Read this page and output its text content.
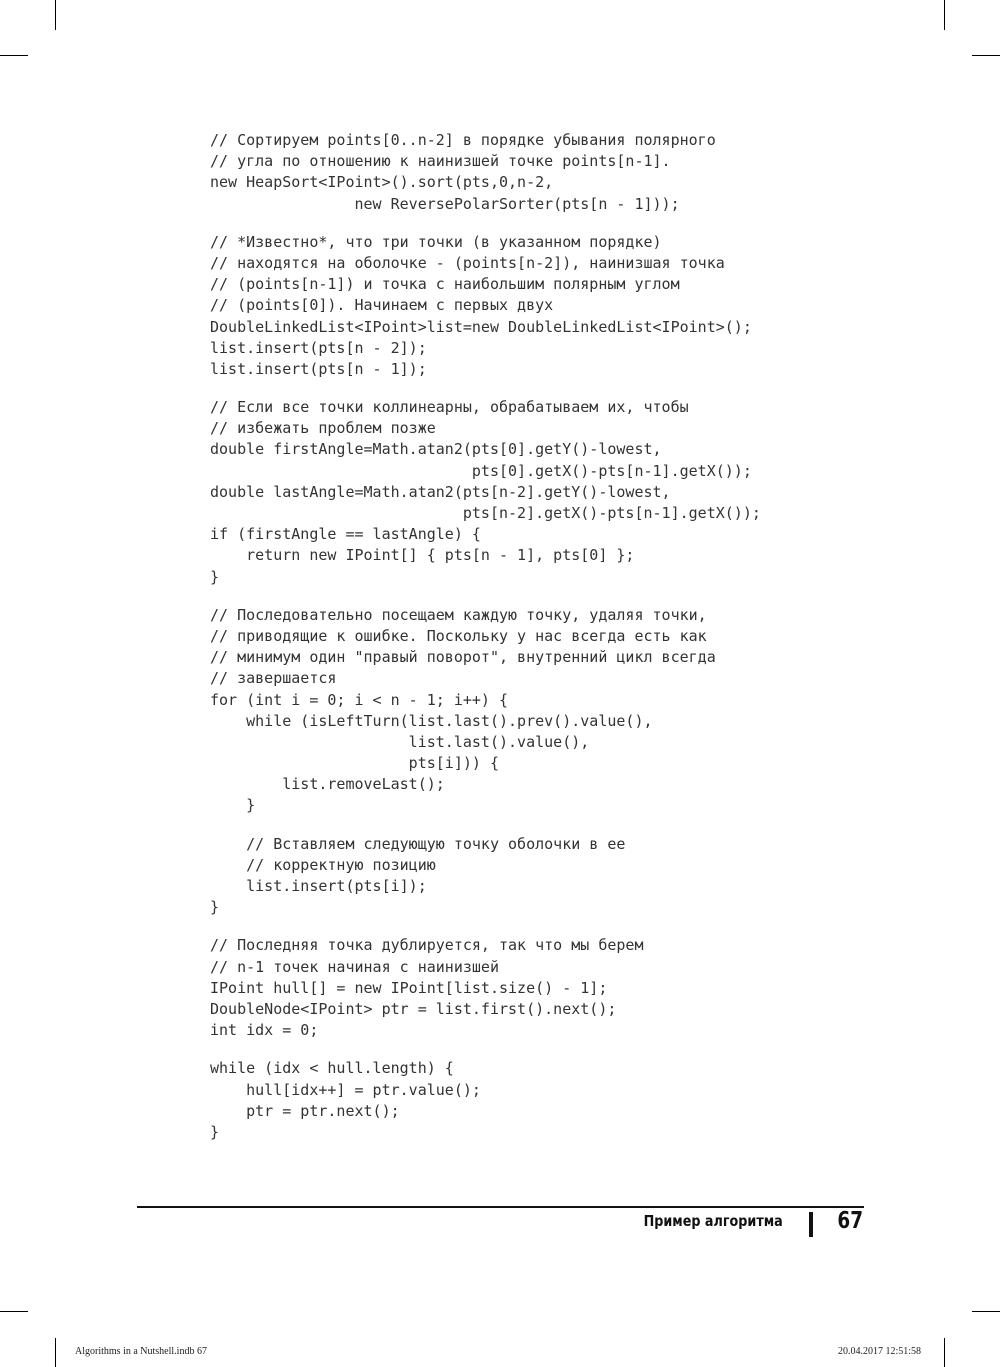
// Сортируем points[0..n-2] в порядке убывания полярного
// угла по отношению к наинизшей точке points[n-1].
new HeapSort<IPoint>().sort(pts,0,n-2,
new ReversePolarSorter(pts[n - 1]));
// *Известно*, что три точки (в указанном порядке)
// находятся на оболочке - (points[n-2]), наинизшая точка
// (points[n-1]) и точка с наибольшим полярным углом
// (points[0]). Начинаем с первых двух
DoubleLinkedList<IPoint>list=new DoubleLinkedList<IPoint>();
list.insert(pts[n - 2]);
list.insert(pts[n - 1]);
// Если все точки коллинеарны, обрабатываем их, чтобы
// избежать проблем позже
double firstAngle=Math.atan2(pts[0].getY()-lowest,
pts[0].getX()-pts[n-1].getX());
double lastAngle=Math.atan2(pts[n-2].getY()-lowest,
pts[n-2].getX()-pts[n-1].getX());
if (firstAngle == lastAngle) {
return new IPoint[] { pts[n - 1], pts[0] };
}
// Последовательно посещаем каждую точку, удаляя точки,
// приводящие к ошибке. Поскольку у нас всегда есть как
// минимум один "правый поворот", внутренний цикл всегда
// завершается
for (int i = 0; i < n - 1; i++) {
while (isLeftTurn(list.last().prev().value(),
list.last().value(),
pts[i])) {
list.removeLast();
}
// Вставляем следующую точку оболочки в ее
// корректную позицию
list.insert(pts[i]);
}
// Последняя точка дублируется, так что мы берем
// n-1 точек начиная с наинизшей
IPoint hull[] = new IPoint[list.size() - 1];
DoubleNode<IPoint> ptr = list.first().next();
int idx = 0;
while (idx < hull.length) {
hull[idx++] = ptr.value();
ptr = ptr.next();
}
Пример алгоритма 67
Algorithms in a Nutshell.indb 67	20.04.2017 12:51:58
